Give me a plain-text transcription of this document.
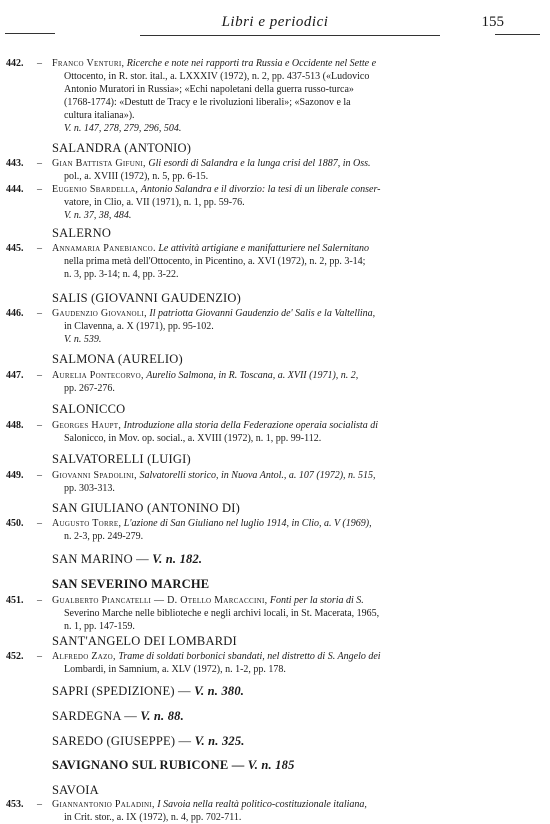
Libri e periodici	155
442. – Franco Venturi, Ricerche e note nei rapporti tra Russia e Occidente nel Sette e
Ottocento, in R. stor. ital., a. LXXXIV (1972), n. 2, pp. 437-513 («Ludovico
Antonio Muratori in Russia»; «Echi napoletani della guerra russo-turca»
(1768-1774): «Destutt de Tracy e le rivoluzioni liberali»; «Sazonov e la
cultura italiana»).
V. n. 147, 278, 279, 296, 504.
SALANDRA (ANTONIO)
443. – Gian Battista Gifuni, Gli esordi di Salandra e la lunga crisi del 1887, in Oss.
pol., a. XVIII (1972), n. 5, pp. 6-15.
444. – Eugenio Sbardella, Antonio Salandra e il divorzio: la tesi di un liberale conser-
vatore, in Clio, a. VII (1971), n. 1, pp. 59-76.
V. n. 37, 38, 484.
SALERNO
445. – Annamaria Panebianco. Le attività artigiane e manifatturiere nel Salernitano
nella prima metà dell'Ottocento, in Picentino, a. XVI (1972), n. 2, pp. 3-14;
n. 3, pp. 3-14; n. 4, pp. 3-22.
SALIS (GIOVANNI GAUDENZIO)
446. – Gaudenzio Giovanoli, Il patriotta Giovanni Gaudenzio de' Salis e la Valtellina,
in Clavenna, a. X (1971), pp. 95-102.
V. n. 539.
SALMONA (AURELIO)
447. – Aurelia Pontecorvo, Aurelio Salmona, in R. Toscana, a. XVII (1971), n. 2,
pp. 267-276.
SALONICCO
448. – Georges Haupt, Introduzione alla storia della Federazione operaia socialista di
Salonicco, in Mov. op. social., a. XVIII (1972), n. 1, pp. 99-112.
SALVATORELLI (LUIGI)
449. – Giovanni Spadolini, Salvatorelli storico, in Nuova Antol., a. 107 (1972), n. 515,
pp. 303-313.
SAN GIULIANO (ANTONINO DI)
450. – Augusto Torre, L'azione di San Giuliano nel luglio 1914, in Clio, a. V (1969),
n. 2-3, pp. 249-279.
SAN MARINO — V. n. 182.
SAN SEVERINO MARCHE
451. – Gualberto Piancatelli — D. Otello Marcaccini, Fonti per la storia di S.
Severino Marche nelle biblioteche e negli archivi locali, in St. Macerata, 1965,
n. 1, pp. 147-159.
SANT'ANGELO DEI LOMBARDI
452. – Alfredo Zazo, Trame di soldati borbonici sbandati, nel distretto di S. Angelo dei
Lombardi, in Samnium, a. XLV (1972), n. 1-2, pp. 178.
SAPRI (SPEDIZIONE) — V. n. 380.
SARDEGNA — V. n. 88.
SAREDO (GIUSEPPE) — V. n. 325.
SAVIGNANO SUL RUBICONE — V. n. 185
SAVOIA
453. – Giannantonio Paladini, I Savoia nella realtà politico-costituzionale italiana,
in Crit. stor., a. IX (1972), n. 4, pp. 702-711.
